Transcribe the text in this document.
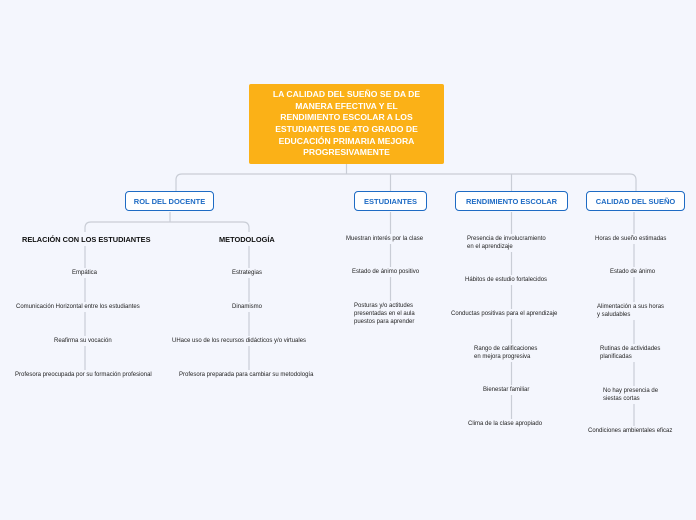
LA CALIDAD DEL SUEÑO SE DA DE
MANERA EFECTIVA Y EL
RENDIMIENTO ESCOLAR A LOS
ESTUDIANTES DE 4TO GRADO DE
EDUCACIÓN PRIMARIA MEJORA
PROGRESIVAMENTE
ROL DEL DOCENTE	ESTUDIANTES	RENDIMIENTO ESCOLAR	CALIDAD DEL SUEÑO
RELACIÓN CON LOS ESTUDIANTES	METODOLOGÍA
Empática
Comunicación Horizontal entre los estudiantes
Reafirma su vocación
Profesora preocupada por su formación profesional
Estrategias
Dinamismo
UHace uso de los recursos didácticos y/o virtuales
Profesora preparada para cambiar su metodología
Muestran interés por la clase
Estado de ánimo positivo
Posturas y/o actitudes
presentadas en el aula
puestos para aprender
Presencia de involucramiento
en el aprendizaje
Hábitos de estudio fortalecidos
Conductas positivas para el aprendizaje
Rango de calificaciones
en mejora progresiva
Bienestar familiar
Clima de la clase apropiado
Horas de sueño estimadas
Estado de ánimo
Alimentación a sus horas
y saludables
Rutinas de actividades
planificadas
No hay presencia de
siestas cortas
Condiciones ambientales eficaz
